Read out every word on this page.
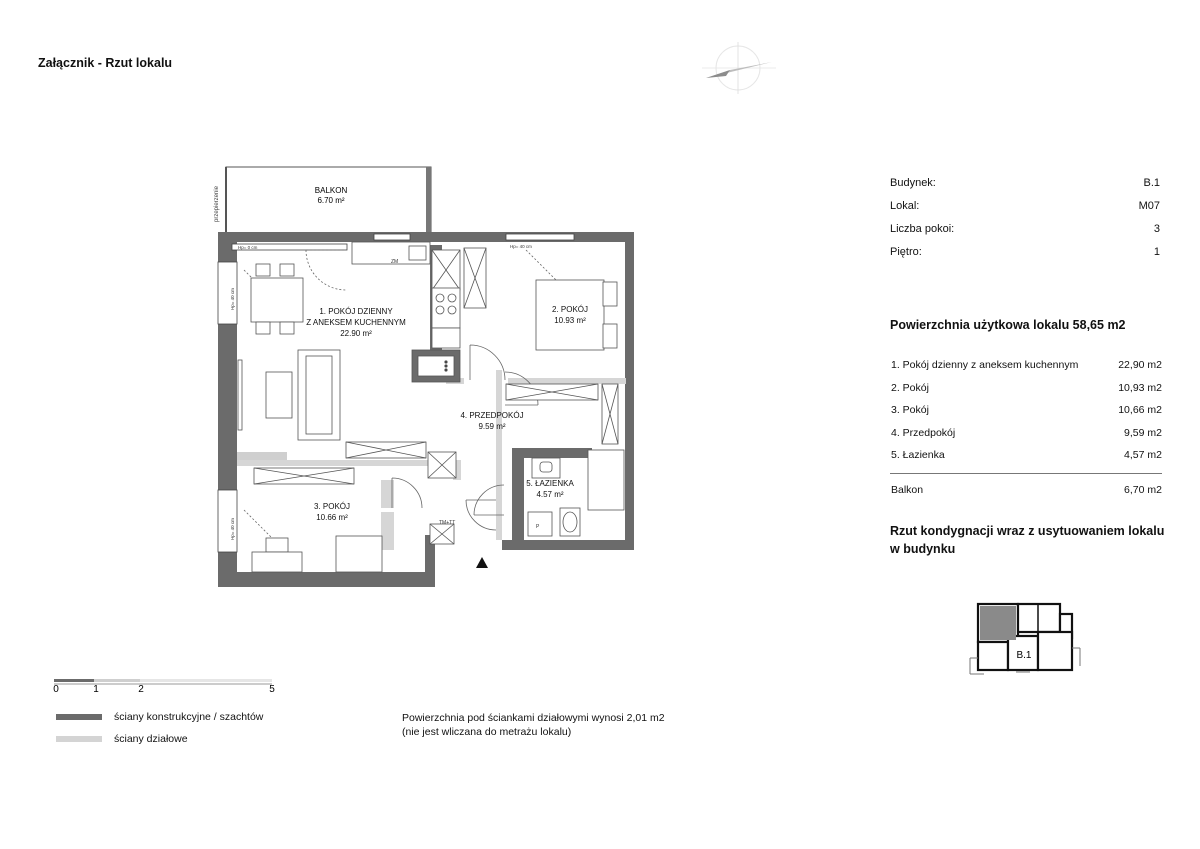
Załącznik - Rzut lokalu
BALKON
6.70 m²
przepierzenie
Hp= 0 cm	Hp= 40 cm
Hp= 40 cm
Hp= 40 cm
ZM
TM+TT
P
1. POKÓJ DZIENNY
Z ANEKSEM KUCHENNYM
22.90 m²
2. POKÓJ
10.93 m²
3. POKÓJ
10.66 m²
4. PRZEDPOKÓJ
9.59 m²
5. ŁAZIENKA
4.57 m²
Budynek:	B.1
Lokal:	M07
Liczba pokoi:	3
Piętro:	1
Powierzchnia użytkowa lokalu 58,65 m2
1. Pokój dzienny z aneksem kuchennym	22,90 m2
2. Pokój	10,93 m2
3. Pokój	10,66 m2
4. Przedpokój	9,59 m2
5. Łazienka	4,57 m2
Balkon	6,70 m2
Rzut kondygnacji wraz z usytuowaniem lokalu w budynku
B.1
0	1	2	5
ściany konstrukcyjne / szachtów
ściany działowe
Powierzchnia pod ściankami działowymi wynosi 2,01 m2
(nie jest wliczana do metrażu lokalu)
